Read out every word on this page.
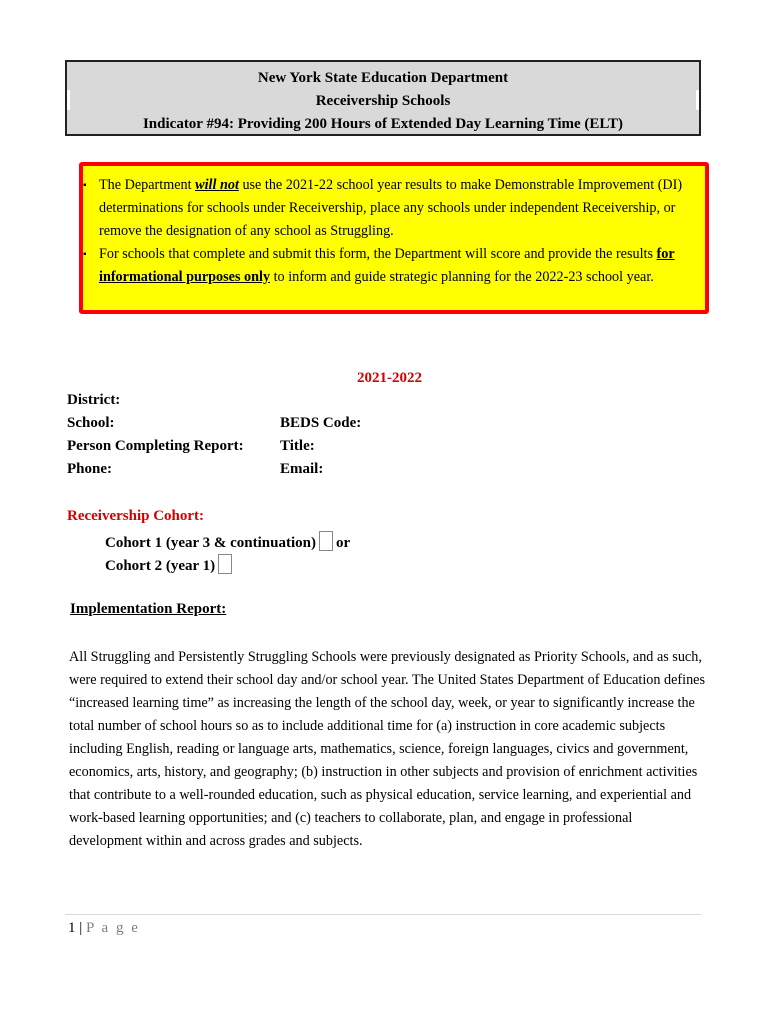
New York State Education Department
Receivership Schools
Indicator #94: Providing 200 Hours of Extended Day Learning Time (ELT)
▪ The Department will not use the 2021-22 school year results to make Demonstrable Improvement (DI) determinations for schools under Receivership, place any schools under independent Receivership, or remove the designation of any school as Struggling.
▪ For schools that complete and submit this form, the Department will score and provide the results for informational purposes only to inform and guide strategic planning for the 2022-23 school year.
2021-2022
District:
School:	BEDS Code:
Person Completing Report: Title:
Phone:	Email:
Receivership Cohort:
Cohort 1 (year 3 & continuation) or
Cohort 2 (year 1)
Implementation Report:
All Struggling and Persistently Struggling Schools were previously designated as Priority Schools, and as such, were required to extend their school day and/or school year. The United States Department of Education defines “increased learning time” as increasing the length of the school day, week, or year to significantly increase the total number of school hours so as to include additional time for (a) instruction in core academic subjects including English, reading or language arts, mathematics, science, foreign languages, civics and government, economics, arts, history, and geography; (b) instruction in other subjects and provision of enrichment activities that contribute to a well-rounded education, such as physical education, service learning, and experiential and work-based learning opportunities; and (c) teachers to collaborate, plan, and engage in professional development within and across grades and subjects.
1 | P a g e
